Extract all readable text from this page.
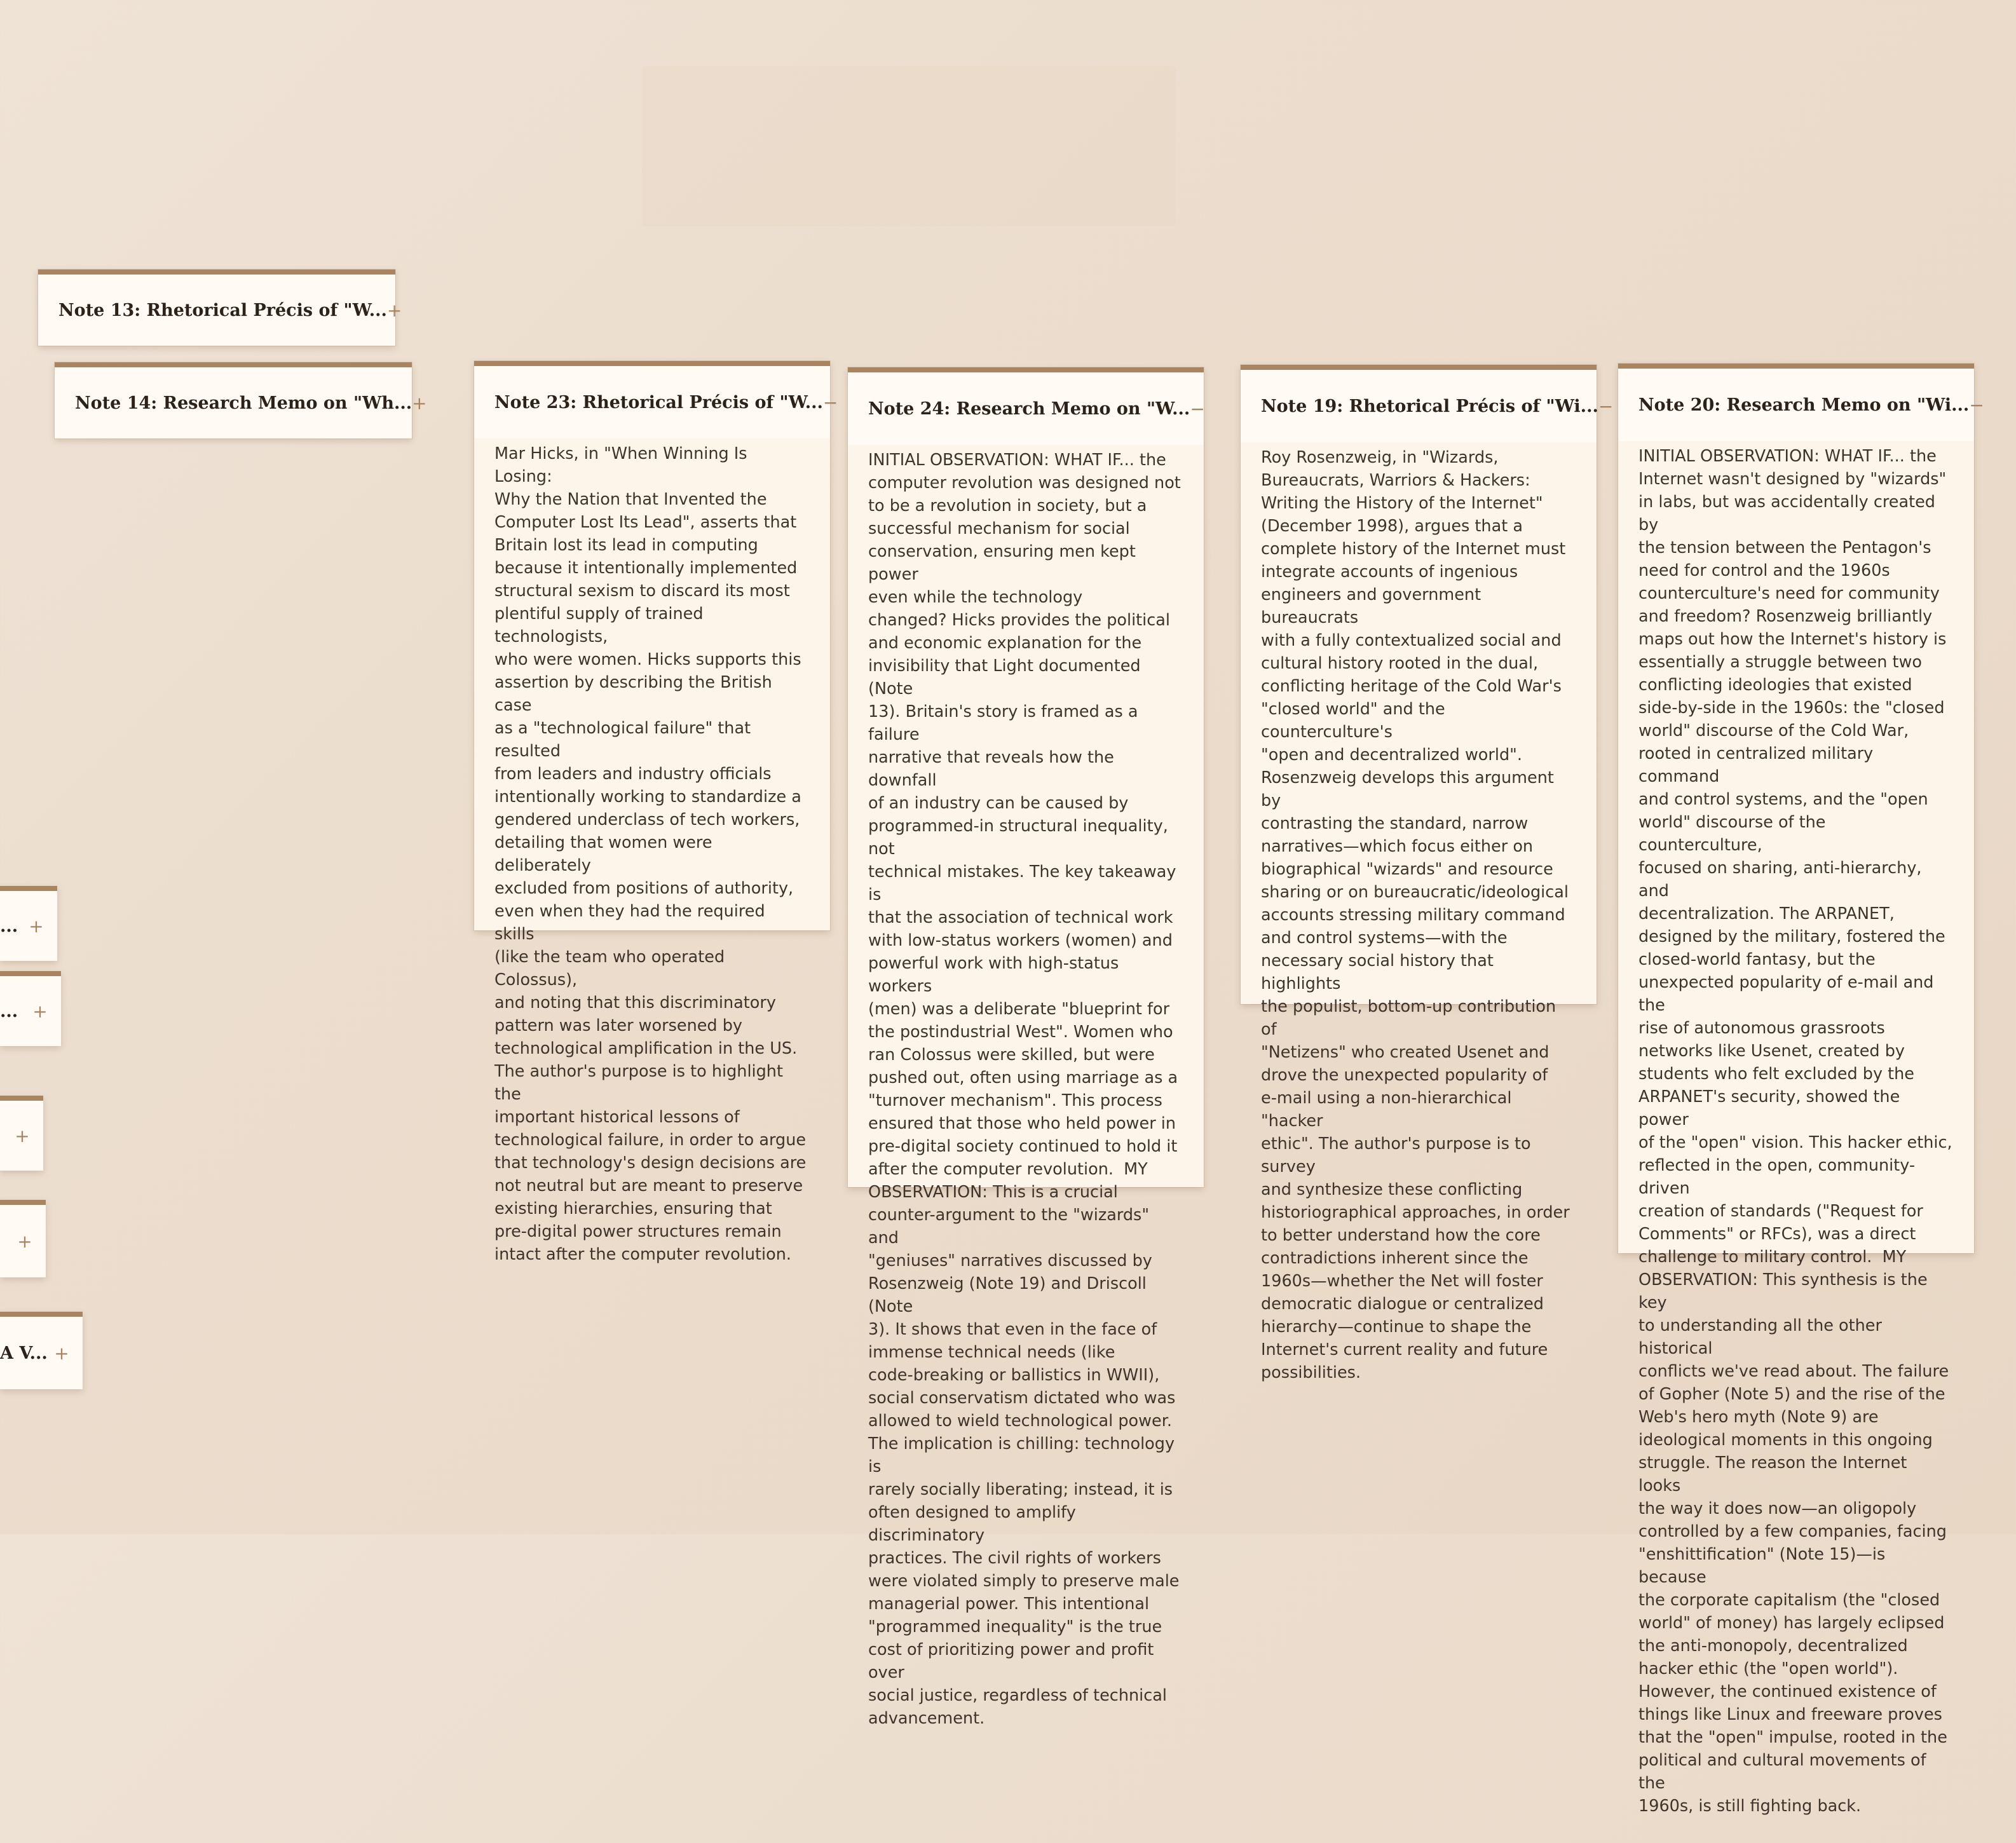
Note 13: Rhetorical Précis of "W... +
Note 14: Research Memo on "Wh... +
... +
... +
+
+
A V... +
Note 23: Rhetorical Précis of "W... −
Mar Hicks, in "When Winning Is Losing:
Why the Nation that Invented the
Computer Lost Its Lead", asserts that
Britain lost its lead in computing
because it intentionally implemented
structural sexism to discard its most
plentiful supply of trained technologists,
who were women. Hicks supports this
assertion by describing the British case
as a "technological failure" that resulted
from leaders and industry officials
intentionally working to standardize a
gendered underclass of tech workers,
detailing that women were deliberately
excluded from positions of authority,
even when they had the required skills
(like the team who operated Colossus),
and noting that this discriminatory
pattern was later worsened by
technological amplification in the US.
The author's purpose is to highlight the
important historical lessons of
technological failure, in order to argue
that technology's design decisions are
not neutral but are meant to preserve
existing hierarchies, ensuring that
pre-digital power structures remain
intact after the computer revolution.
Note 24: Research Memo on "W... −
INITIAL OBSERVATION: WHAT IF... the
computer revolution was designed not
to be a revolution in society, but a
successful mechanism for social
conservation, ensuring men kept power
even while the technology
changed? Hicks provides the political
and economic explanation for the
invisibility that Light documented (Note
13). Britain's story is framed as a failure
narrative that reveals how the downfall
of an industry can be caused by
programmed-in structural inequality, not
technical mistakes. The key takeaway is
that the association of technical work
with low-status workers (women) and
powerful work with high-status workers
(men) was a deliberate "blueprint for
the postindustrial West". Women who
ran Colossus were skilled, but were
pushed out, often using marriage as a
"turnover mechanism". This process
ensured that those who held power in
pre-digital society continued to hold it
after the computer revolution.  MY
OBSERVATION: This is a crucial
counter-argument to the "wizards" and
"geniuses" narratives discussed by
Rosenzweig (Note 19) and Driscoll (Note
3). It shows that even in the face of
immense technical needs (like
code-breaking or ballistics in WWII),
social conservatism dictated who was
allowed to wield technological power.
The implication is chilling: technology is
rarely socially liberating; instead, it is
often designed to amplify discriminatory
practices. The civil rights of workers
were violated simply to preserve male
managerial power. This intentional
"programmed inequality" is the true
cost of prioritizing power and profit over
social justice, regardless of technical
advancement.
Note 19: Rhetorical Précis of "Wi... −
Roy Rosenzweig, in "Wizards,
Bureaucrats, Warriors & Hackers:
Writing the History of the Internet"
(December 1998), argues that a
complete history of the Internet must
integrate accounts of ingenious
engineers and government bureaucrats
with a fully contextualized social and
cultural history rooted in the dual,
conflicting heritage of the Cold War's
"closed world" and the counterculture's
"open and decentralized world".
Rosenzweig develops this argument by
contrasting the standard, narrow
narratives—which focus either on
biographical "wizards" and resource
sharing or on bureaucratic/ideological
accounts stressing military command
and control systems—with the
necessary social history that highlights
the populist, bottom-up contribution of
"Netizens" who created Usenet and
drove the unexpected popularity of
e-mail using a non-hierarchical "hacker
ethic". The author's purpose is to survey
and synthesize these conflicting
historiographical approaches, in order
to better understand how the core
contradictions inherent since the
1960s—whether the Net will foster
democratic dialogue or centralized
hierarchy—continue to shape the
Internet's current reality and future
possibilities.
Note 20: Research Memo on "Wi... −
INITIAL OBSERVATION: WHAT IF... the
Internet wasn't designed by "wizards"
in labs, but was accidentally created by
the tension between the Pentagon's
need for control and the 1960s
counterculture's need for community
and freedom? Rosenzweig brilliantly
maps out how the Internet's history is
essentially a struggle between two
conflicting ideologies that existed
side-by-side in the 1960s: the "closed
world" discourse of the Cold War,
rooted in centralized military command
and control systems, and the "open
world" discourse of the counterculture,
focused on sharing, anti-hierarchy, and
decentralization. The ARPANET,
designed by the military, fostered the
closed-world fantasy, but the
unexpected popularity of e-mail and the
rise of autonomous grassroots
networks like Usenet, created by
students who felt excluded by the
ARPANET's security, showed the power
of the "open" vision. This hacker ethic,
reflected in the open, community-driven
creation of standards ("Request for
Comments" or RFCs), was a direct
challenge to military control.  MY
OBSERVATION: This synthesis is the key
to understanding all the other historical
conflicts we've read about. The failure
of Gopher (Note 5) and the rise of the
Web's hero myth (Note 9) are
ideological moments in this ongoing
struggle. The reason the Internet looks
the way it does now—an oligopoly
controlled by a few companies, facing
"enshittification" (Note 15)—is because
the corporate capitalism (the "closed
world" of money) has largely eclipsed
the anti-monopoly, decentralized
hacker ethic (the "open world").
However, the continued existence of
things like Linux and freeware proves
that the "open" impulse, rooted in the
political and cultural movements of the
1960s, is still fighting back.
